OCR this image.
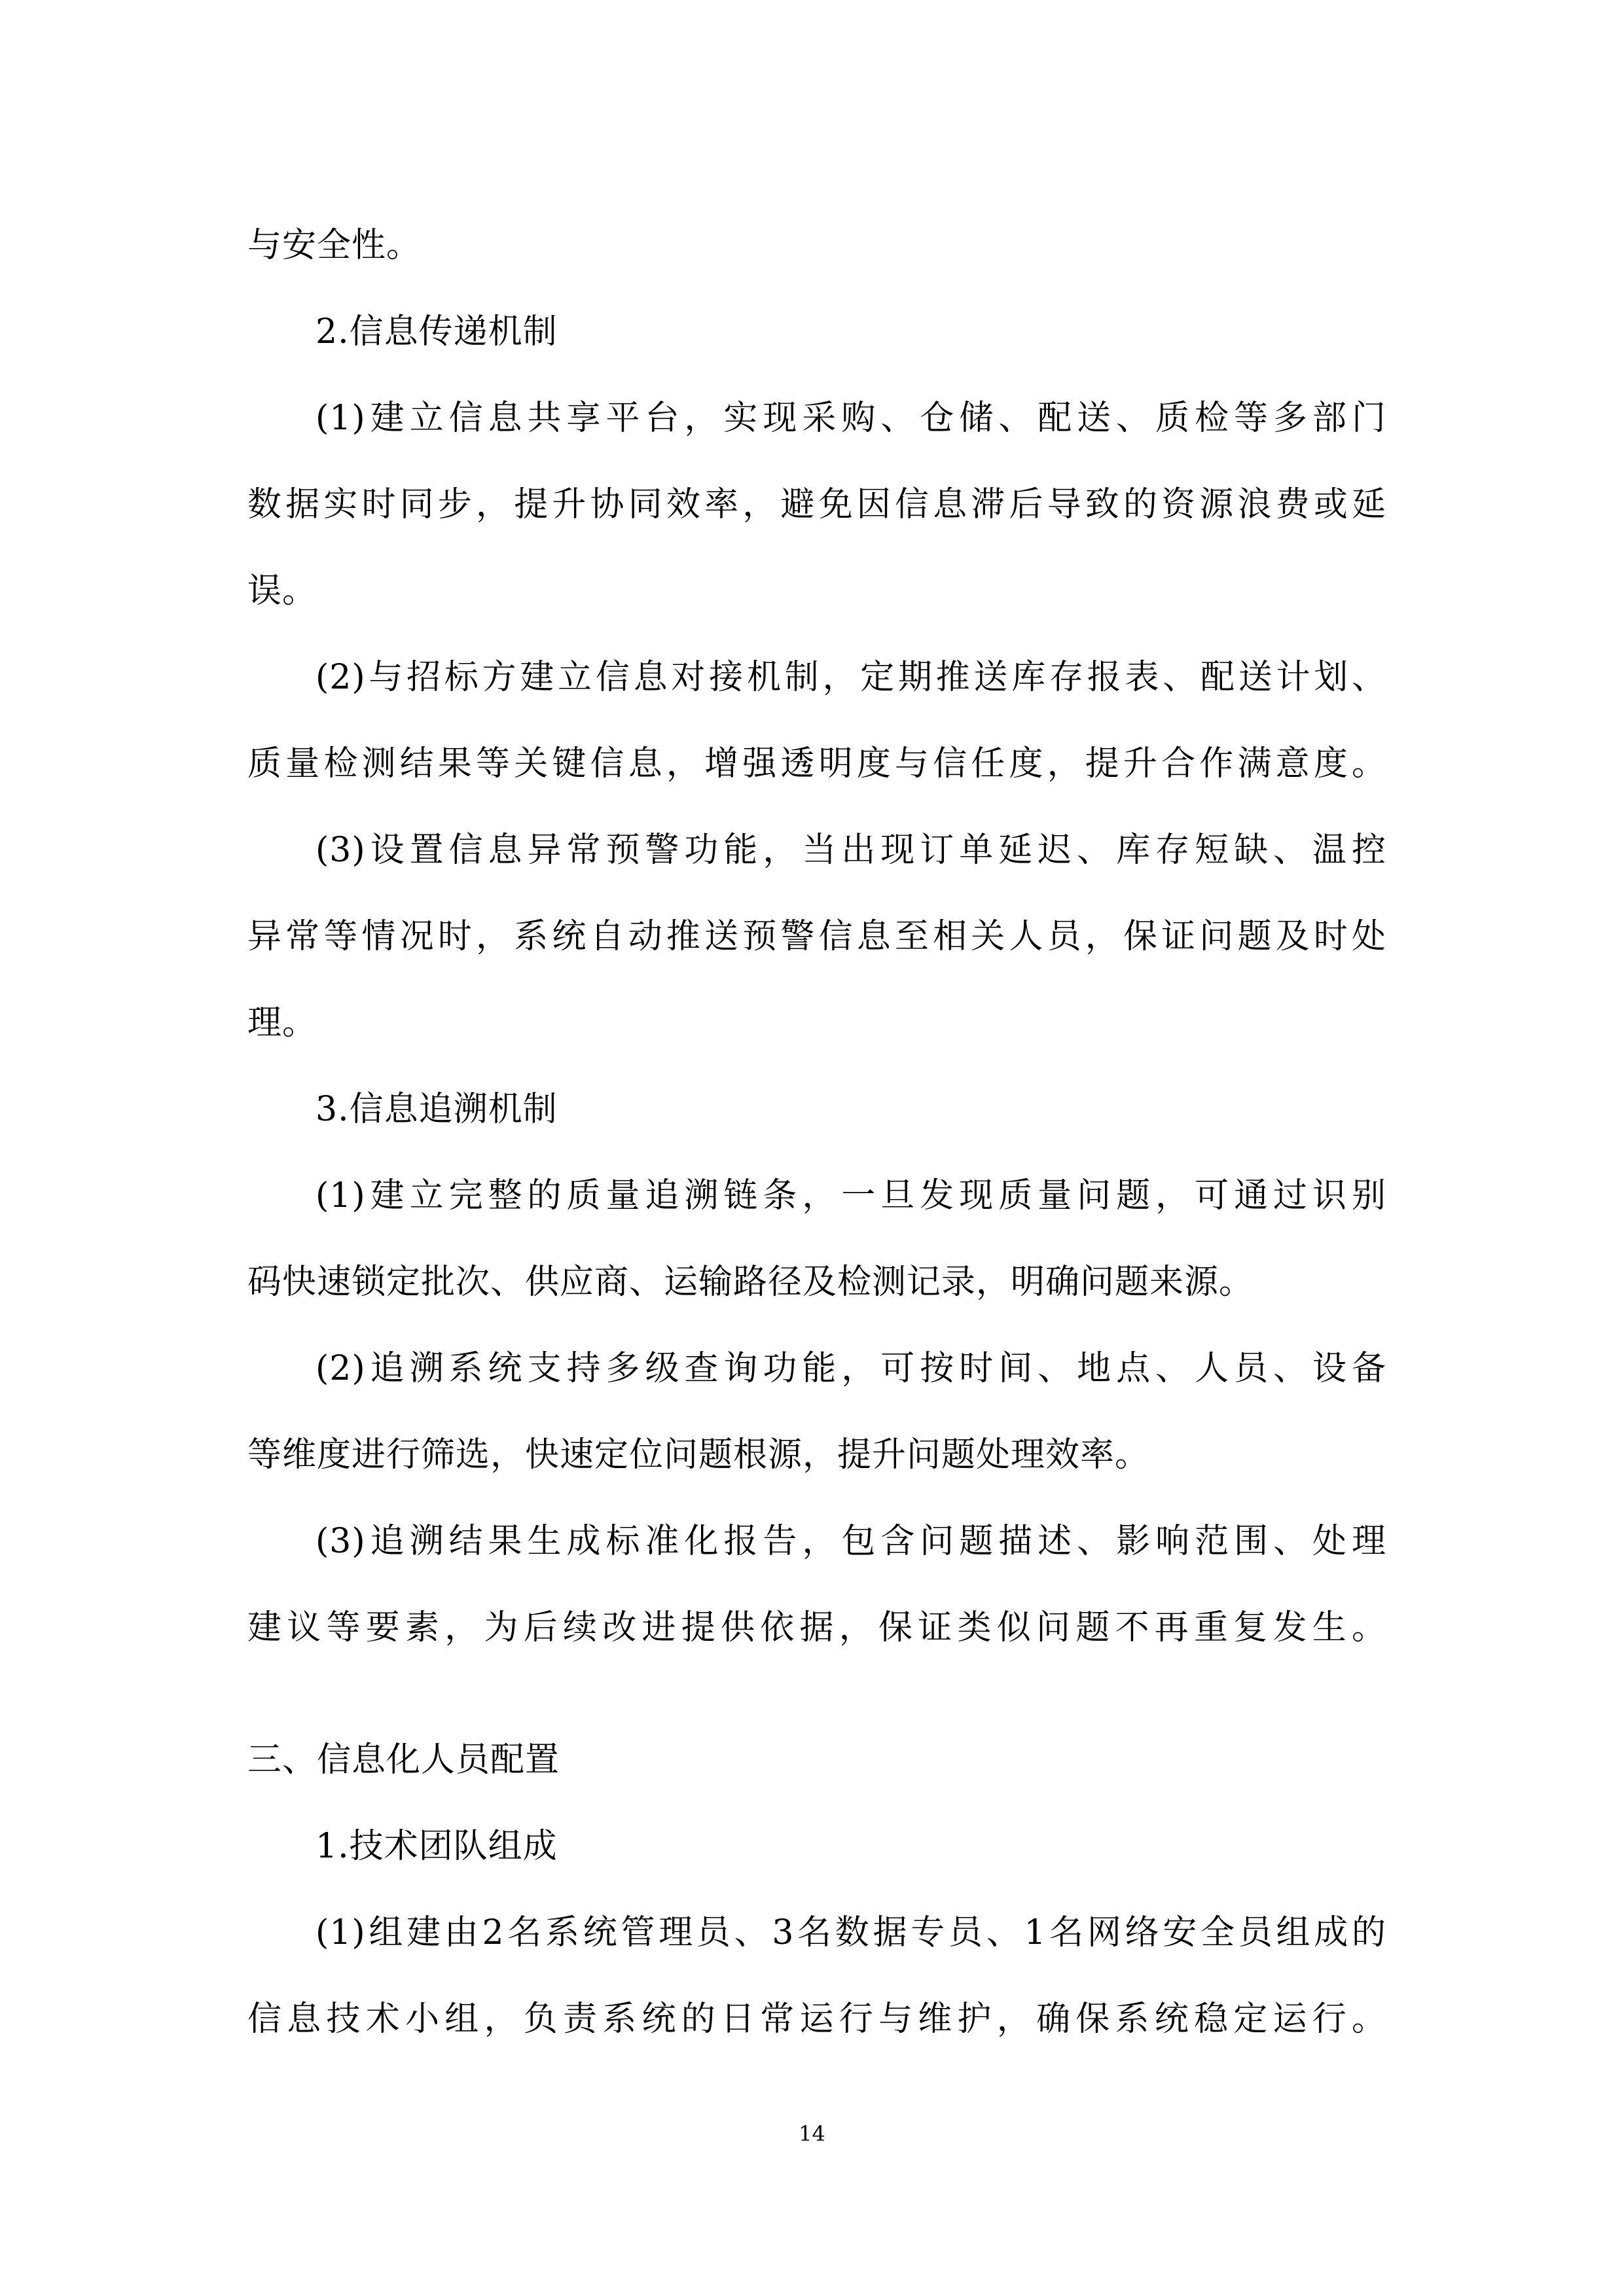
与安全性。
2.信息传递机制
(1)建立信息共享平台，实现采购、仓储、配送、质检等多部门
数据实时同步，提升协同效率，避免因信息滞后导致的资源浪费或延
误。
(2)与招标方建立信息对接机制，定期推送库存报表、配送计划、
质量检测结果等关键信息，增强透明度与信任度，提升合作满意度。
(3)设置信息异常预警功能，当出现订单延迟、库存短缺、温控
异常等情况时，系统自动推送预警信息至相关人员，保证问题及时处
理。
3.信息追溯机制
(1)建立完整的质量追溯链条，一旦发现质量问题，可通过识别
码快速锁定批次、供应商、运输路径及检测记录，明确问题来源。
(2)追溯系统支持多级查询功能，可按时间、地点、人员、设备
等维度进行筛选，快速定位问题根源，提升问题处理效率。
(3)追溯结果生成标准化报告，包含问题描述、影响范围、处理
建议等要素，为后续改进提供依据，保证类似问题不再重复发生。
三、信息化人员配置
1.技术团队组成
(1)组建由2名系统管理员、3名数据专员、1名网络安全员组成的
信息技术小组，负责系统的日常运行与维护，确保系统稳定运行。
14
